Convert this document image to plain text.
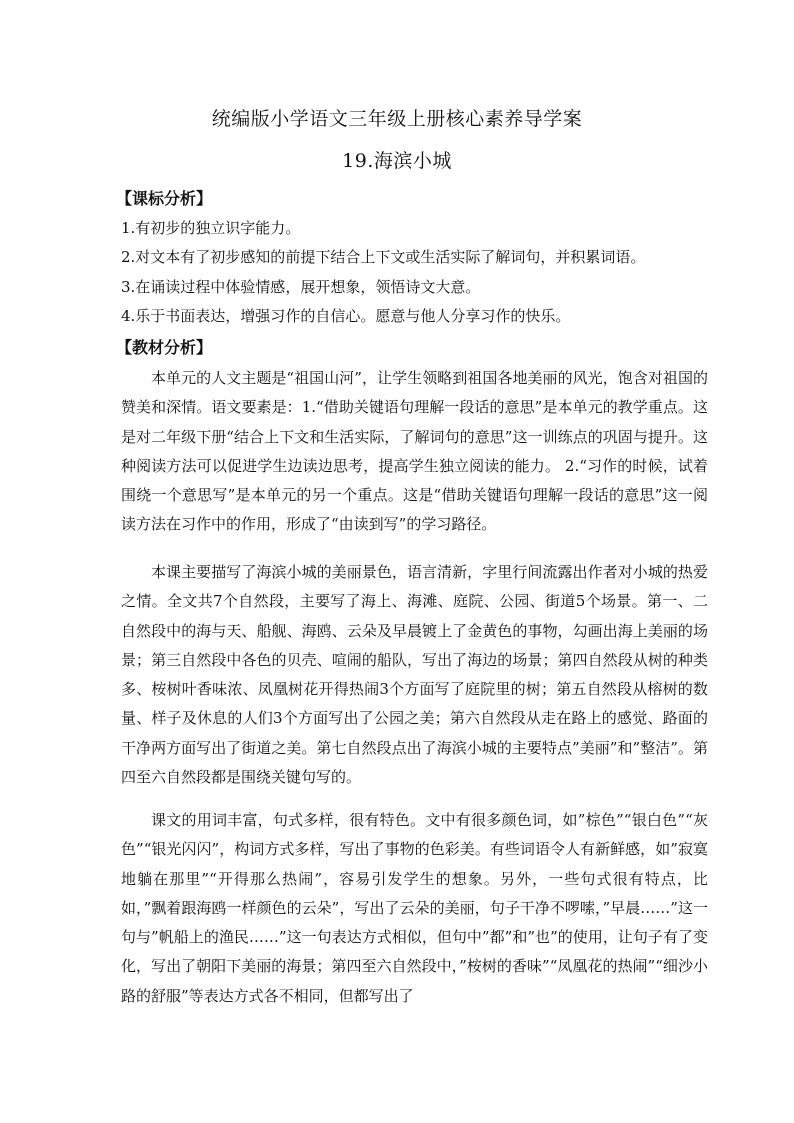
统编版小学语文三年级上册核心素养导学案
19.海滨小城
【课标分析】
1.有初步的独立识字能力。
2.对文本有了初步感知的前提下结合上下文或生活实际了解词句，并积累词语。
3.在诵读过程中体验情感，展开想象，领悟诗文大意。
4.乐于书面表达，增强习作的自信心。愿意与他人分享习作的快乐。
【教材分析】

本单元的人文主题是“祖国山河”，让学生领略到祖国各地美丽的风光，饱含对祖国的赞美和深情。语文要素是：1.“借助关键语句理解一段话的意思”是本单元的教学重点。这是对二年级下册“结合上下文和生活实际，了解词句的意思”这一训练点的巩固与提升。这种阅读方法可以促进学生边读边思考，提高学生独立阅读的能力。 2.“习作的时候，试着围绕一个意思写”是本单元的另一个重点。这是“借助关键语句理解一段话的意思”这一阅读方法在习作中的作用，形成了“由读到写”的学习路径。

本课主要描写了海滨小城的美丽景色，语言清新，字里行间流露出作者对小城的热爱之情。全文共7个自然段，主要写了海上、海滩、庭院、公园、街道5个场景。第一、二自然段中的海与天、船舰、海鸥、云朵及早晨镀上了金黄色的事物，勾画出海上美丽的场景；第三自然段中各色的贝壳、喧闹的船队，写出了海边的场景；第四自然段从树的种类多、桉树叶香味浓、凤凰树花开得热闹3个方面写了庭院里的树；第五自然段从榕树的数量、样子及休息的人们3个方面写出了公园之美；第六自然段从走在路上的感觉、路面的干净两方面写出了街道之美。第七自然段点出了海滨小城的主要特点”美丽”和”整洁”。第四至六自然段都是围绕关键句写的。

课文的用词丰富，句式多样，很有特色。文中有很多颜色词，如”棕色”“银白色”“灰色”“银光闪闪”，构词方式多样，写出了事物的色彩美。有些词语令人有新鲜感，如”寂寞地躺在那里”“开得那么热闹”，容易引发学生的想象。另外，一些句式很有特点，比如，”飘着跟海鸥一样颜色的云朵”，写出了云朵的美丽，句子干净不啰嗦，”早晨……”这一句与”帆船上的渔民……”这一句表达方式相似，但句中”都”和”也”的使用，让句子有了变化，写出了朝阳下美丽的海景；第四至六自然段中，”桉树的香味”“凤凰花的热闹”“细沙小路的舒服”等表达方式各不相同，但都写出了
